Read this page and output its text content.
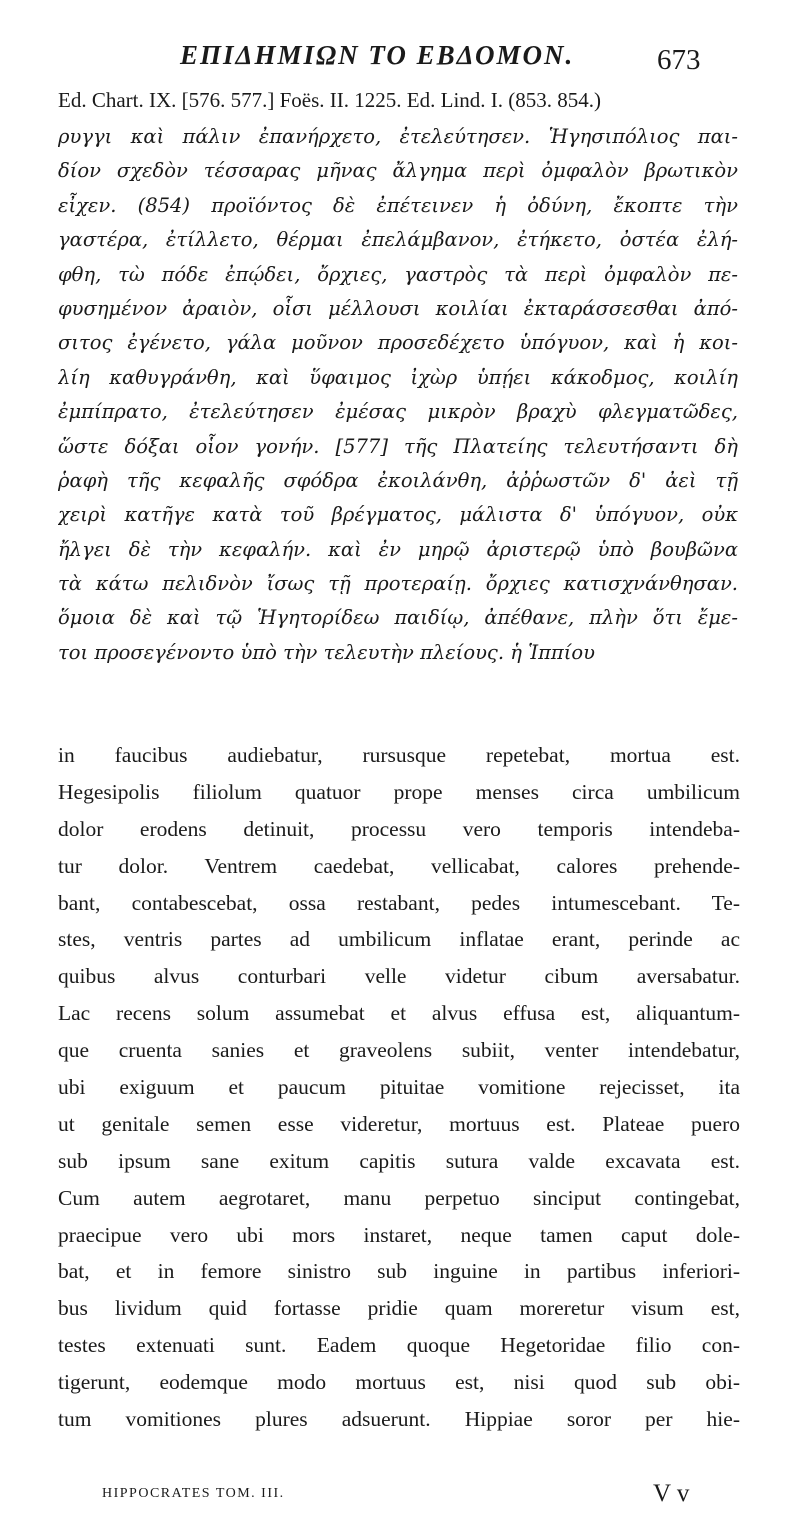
ΕΠΙΔΗΜΙΩΝ ΤΟ ΕΒΔΟΜΟΝ.	673
Ed. Chart. IX. [576. 577.] Foës. II. 1225. Ed. Lind. I. (853. 854.)
ρυγγι καὶ πάλιν ἐπανήρχετο, ἐτελεύτησεν. Ἡγησιπόλιος παι-
δίον σχεδὸν τέσσαρας μῆνας ἄλγημα περὶ ὀμφαλὸν βρωτικὸν
εἶχεν. (854) προϊόντος δὲ ἐπέτεινεν ἡ ὀδύνη, ἔκοπτε τὴν
γαστέρα, ἐτίλλετο, θέρμαι ἐπελάμβανον, ἐτήκετο, ὀστέα ἐλή-
φθη, τὼ πόδε ἐπῴδει, ὄρχιες, γαστρὸς τὰ περὶ ὀμφαλὸν πε-
φυσημένον ἀραιὸν, οἷσι μέλλουσι κοιλίαι ἐκταράσσεσθαι ἀπό-
σιτος ἐγένετο, γάλα μοῦνον προσεδέχετο ὑπόγυον, καὶ ἡ κοι-
λίη καθυγράνθη, καὶ ὕφαιμος ἰχὼρ ὑπῄει κάκοδμος, κοιλίη
ἐμπίπρατο, ἐτελεύτησεν ἐμέσας μικρὸν βραχὺ φλεγματῶδες,
ὥστε δόξαι οἷον γονήν. [577] τῆς Πλατείης τελευτήσαντι δὴ
ῥαφὴ τῆς κεφαλῆς σφόδρα ἐκοιλάνθη, ἀῤῥωστῶν δ' ἀεὶ τῇ
χειρὶ κατῆγε κατὰ τοῦ βρέγματος, μάλιστα δ' ὑπόγυον, οὐκ
ἤλγει δὲ τὴν κεφαλήν. καὶ ἐν μηρῷ ἀριστερῷ ὑπὸ βουβῶνα
τὰ κάτω πελιδνὸν ἴσως τῇ προτεραίῃ. ὄρχιες κατισχνάνθησαν.
ὅμοια δὲ καὶ τῷ Ἡγητορίδεω παιδίῳ, ἀπέθανε, πλὴν ὅτι ἔμε-
τοι προσεγένοντο ὑπὸ τὴν τελευτὴν πλείους. ἡ Ἱππίου
in faucibus audiebatur, rursusque repetebat, mortua est.
Hegesipolis filiolum quatuor prope menses circa umbilicum
dolor erodens detinuit, processu vero temporis intendeba-
tur dolor. Ventrem caedebat, vellicabat, calores prehende-
bant, contabescebat, ossa restabant, pedes intumescebant. Te-
stes, ventris partes ad umbilicum inflatae erant, perinde ac
quibus alvus conturbari velle videtur cibum aversabatur.
Lac recens solum assumebat et alvus effusa est, aliquantum-
que cruenta sanies et graveolens subiit, venter intendebatur,
ubi exiguum et paucum pituitae vomitione rejecisset, ita
ut genitale semen esse videretur, mortuus est. Plateae puero
sub ipsum sane exitum capitis sutura valde excavata est.
Cum autem aegrotaret, manu perpetuo sinciput contingebat,
praecipue vero ubi mors instaret, neque tamen caput dole-
bat, et in femore sinistro sub inguine in partibus inferiori-
bus lividum quid fortasse pridie quam moreretur visum est,
testes extenuati sunt. Eadem quoque Hegetoridae filio con-
tigerunt, eodemque modo mortuus est, nisi quod sub obi-
tum vomitiones plures adsuerunt. Hippiae soror per hie-
HIPPOCRATES TOM. III.	V v
